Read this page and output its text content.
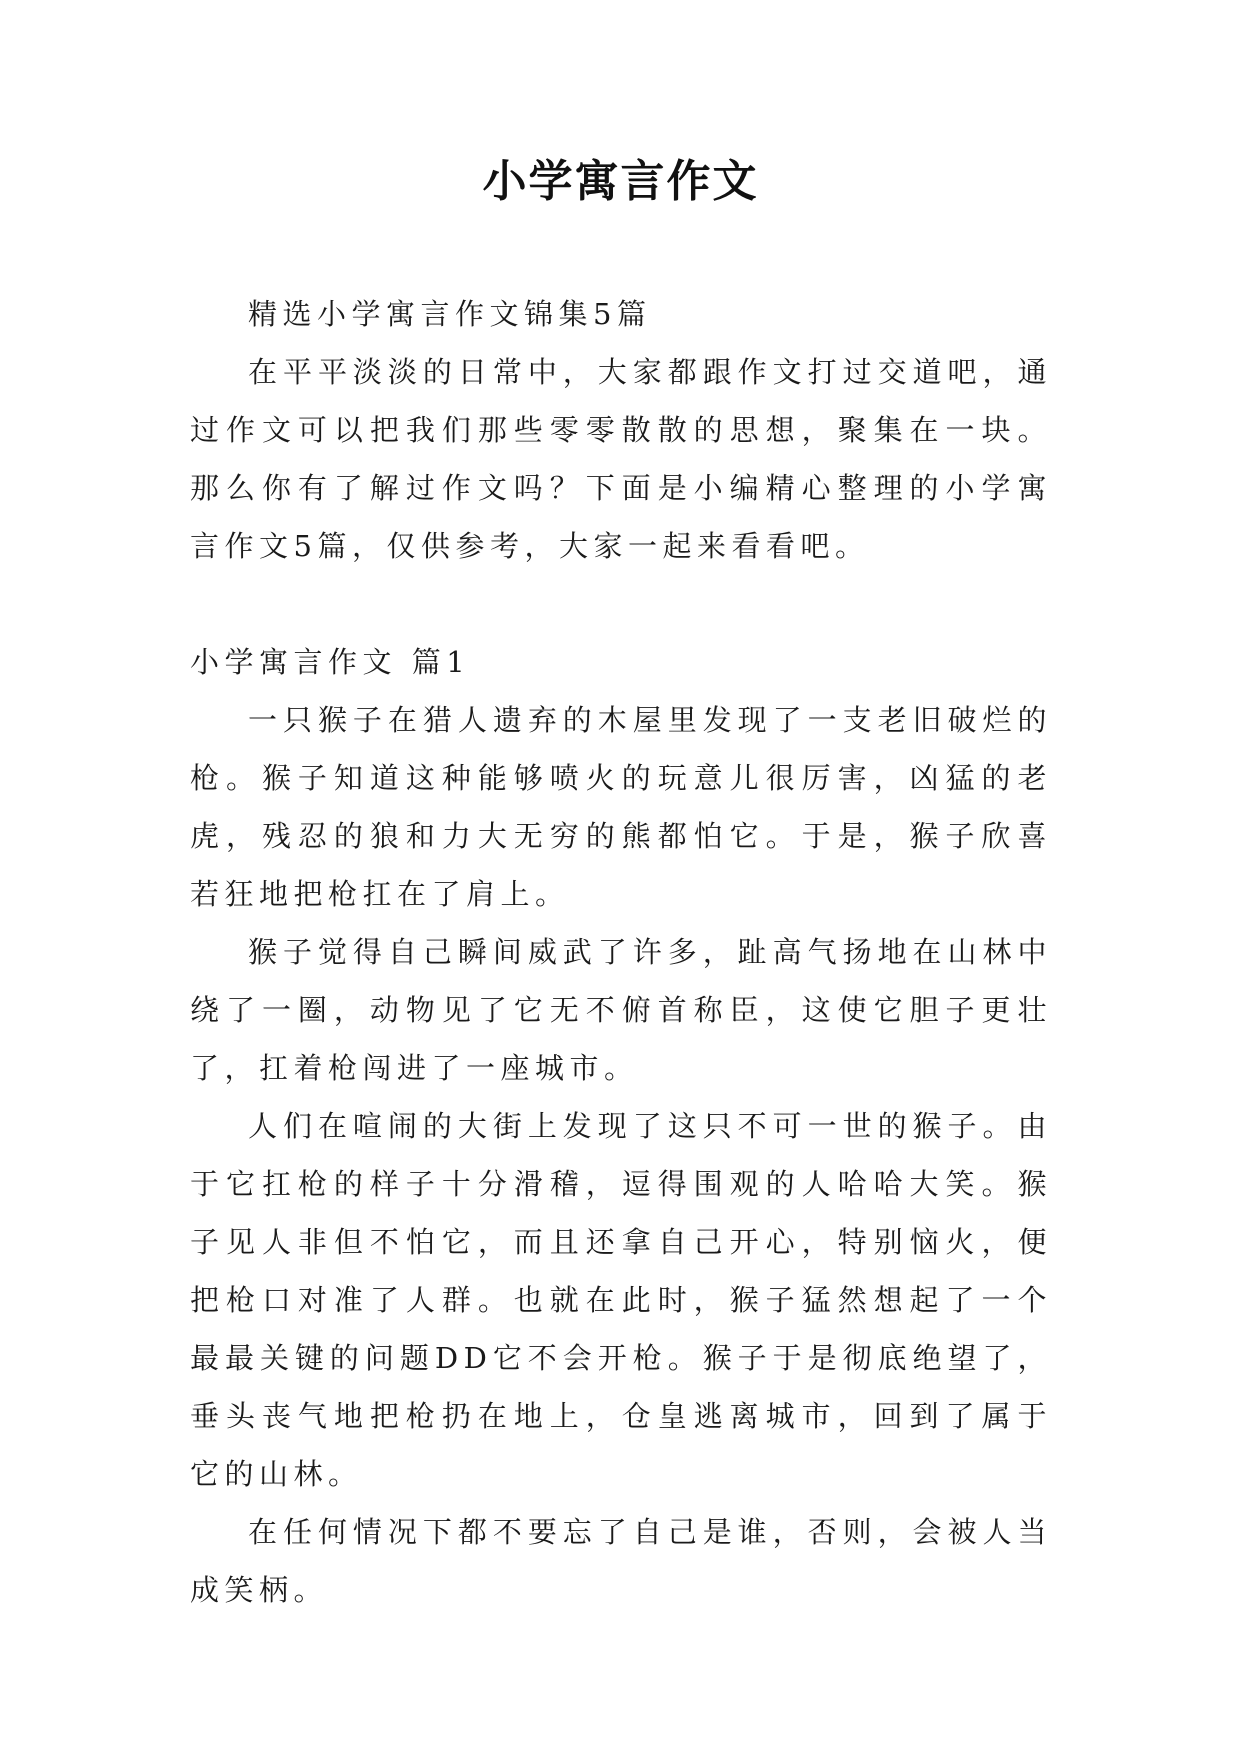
小学寓言作文

精选小学寓言作文锦集5篇

在平平淡淡的日常中，大家都跟作文打过交道吧，通过作文可以把我们那些零零散散的思想，聚集在一块。那么你有了解过作文吗？下面是小编精心整理的小学寓言作文5篇，仅供参考，大家一起来看看吧。

小学寓言作文 篇1

一只猴子在猎人遗弃的木屋里发现了一支老旧破烂的枪。猴子知道这种能够喷火的玩意儿很厉害，凶猛的老虎，残忍的狼和力大无穷的熊都怕它。于是，猴子欣喜若狂地把枪扛在了肩上。

猴子觉得自己瞬间威武了许多，趾高气扬地在山林中绕了一圈，动物见了它无不俯首称臣，这使它胆子更壮了，扛着枪闯进了一座城市。

人们在喧闹的大街上发现了这只不可一世的猴子。由于它扛枪的样子十分滑稽，逗得围观的人哈哈大笑。猴子见人非但不怕它，而且还拿自己开心，特别恼火，便把枪口对准了人群。也就在此时，猴子猛然想起了一个最最关键的问题DD它不会开枪。猴子于是彻底绝望了，垂头丧气地把枪扔在地上，仓皇逃离城市，回到了属于它的山林。

在任何情况下都不要忘了自己是谁，否则，会被人当成笑柄。
